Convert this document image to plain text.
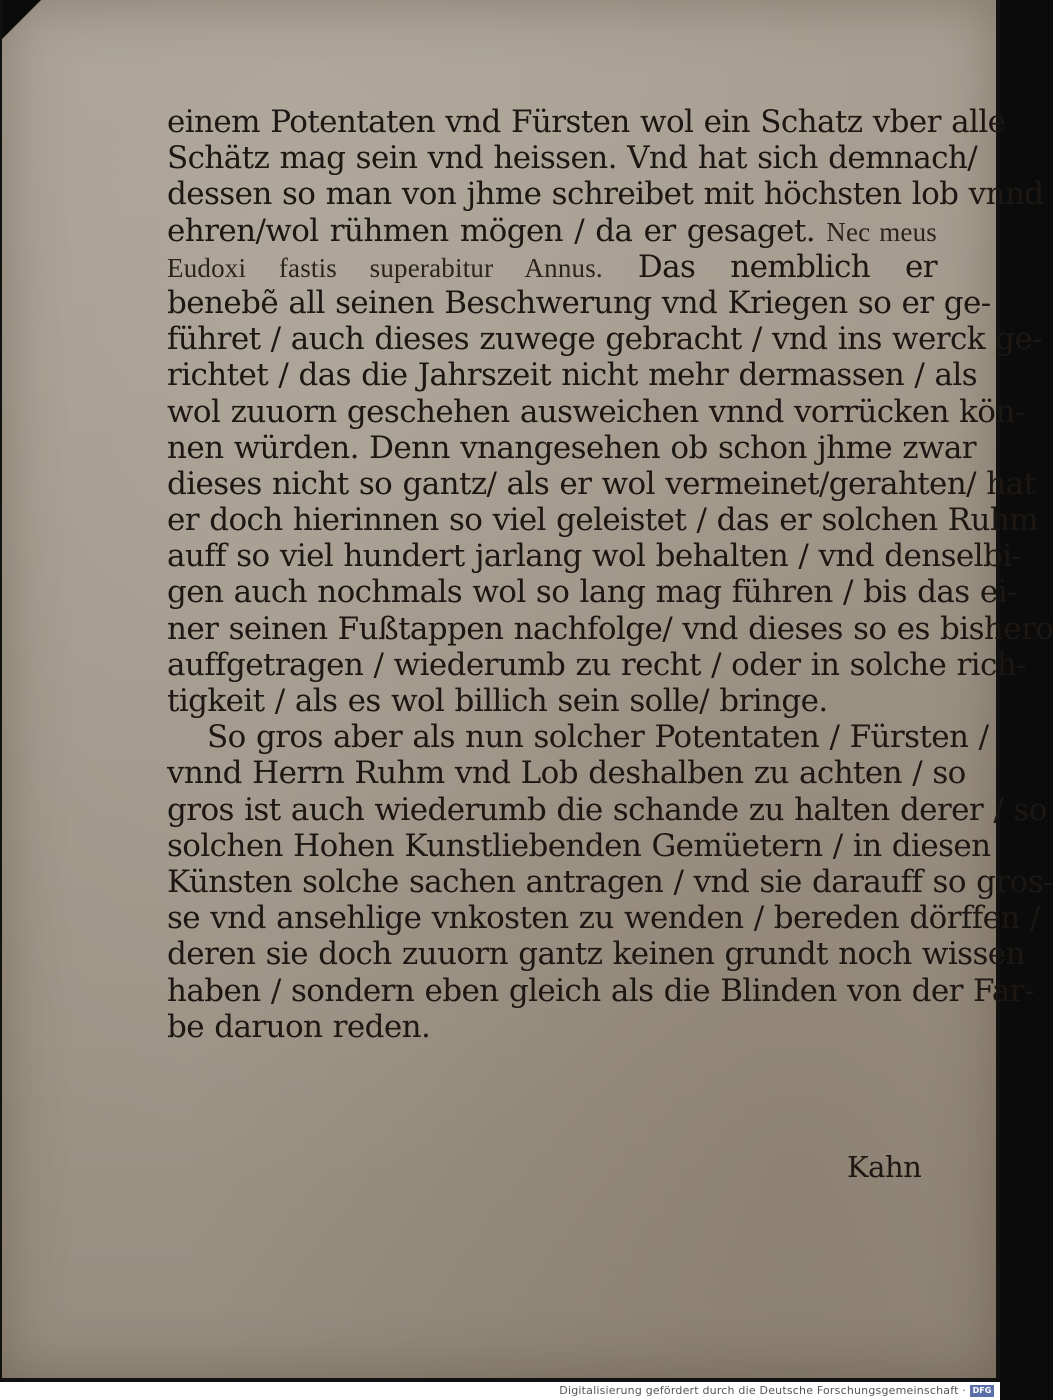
einem Potentaten vnd Fürsten wol ein Schatz vber alle
Schätz mag sein vnd heissen. Vnd hat sich demnach/
dessen so man von jhme schreibet mit höchsten lob vnnd
ehren/wol rühmen mögen / da er gesaget. Nec meus
Eudoxi fastis superabitur Annus. Das nemblich er
benebẽ all seinen Beschwerung vnd Kriegen so er ge-
führet / auch dieses zuwege gebracht / vnd ins werck ge-
richtet / das die Jahrszeit nicht mehr dermassen / als
wol zuuorn geschehen ausweichen vnnd vorrücken kön-
nen würden. Denn vnangesehen ob schon jhme zwar
dieses nicht so gantz/ als er wol vermeinet/gerahten/ hat
er doch hierinnen so viel geleistet / das er solchen Ruhm
auff so viel hundert jarlang wol behalten / vnd denselbi-
gen auch nochmals wol so lang mag führen / bis das ei-
ner seinen Fußtappen nachfolge/ vnd dieses so es bishero
auffgetragen / wiederumb zu recht / oder in solche rich-
tigkeit / als es wol billich sein solle/ bringe.
So gros aber als nun solcher Potentaten / Fürsten /
vnnd Herrn Ruhm vnd Lob deshalben zu achten / so
gros ist auch wiederumb die schande zu halten derer / so
solchen Hohen Kunstliebenden Gemüetern / in diesen
Künsten solche sachen antragen / vnd sie darauff so gros-
se vnd ansehlige vnkosten zu wenden / bereden dörffen /
deren sie doch zuuorn gantz keinen grundt noch wissen
haben / sondern eben gleich als die Blinden von der Far-
be daruon reden.
Kahn
Digitalisierung gefördert durch die Deutsche Forschungsgemeinschaft · DFG
